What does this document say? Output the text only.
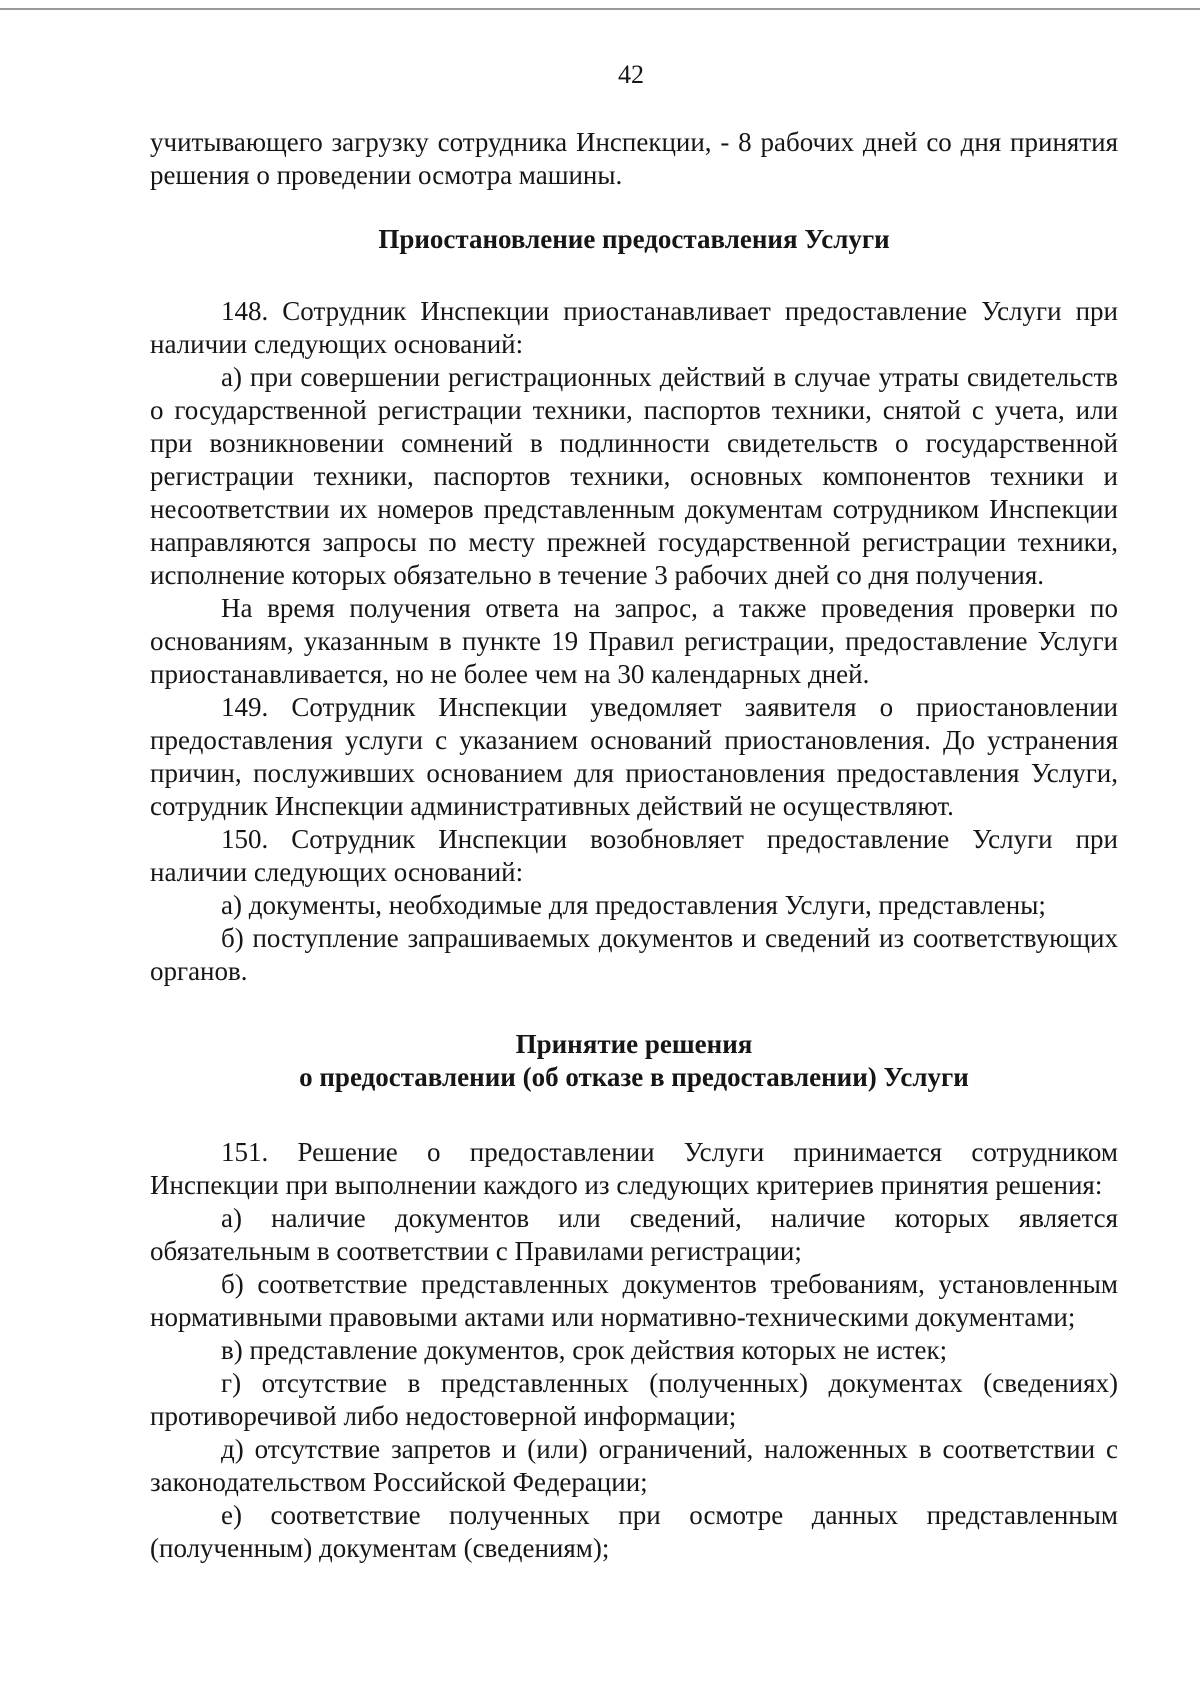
42

учитывающего загрузку сотрудника Инспекции, - 8 рабочих дней со дня принятия решения о проведении осмотра машины.

Приостановление предоставления Услуги

148. Сотрудник Инспекции приостанавливает предоставление Услуги при наличии следующих оснований:

а) при совершении регистрационных действий в случае утраты свидетельств о государственной регистрации техники, паспортов техники, снятой с учета, или при возникновении сомнений в подлинности свидетельств о государственной регистрации техники, паспортов техники, основных компонентов техники и несоответствии их номеров представленным документам сотрудником Инспекции направляются запросы по месту прежней государственной регистрации техники, исполнение которых обязательно в течение 3 рабочих дней со дня получения.

На время получения ответа на запрос, а также проведения проверки по основаниям, указанным в пункте 19 Правил регистрации, предоставление Услуги приостанавливается, но не более чем на 30 календарных дней.

149. Сотрудник Инспекции уведомляет заявителя о приостановлении предоставления услуги с указанием оснований приостановления. До устранения причин, послуживших основанием для приостановления предоставления Услуги, сотрудник Инспекции административных действий не осуществляют.

150. Сотрудник Инспекции возобновляет предоставление Услуги при наличии следующих оснований:

а) документы, необходимые для предоставления Услуги, представлены;

б) поступление запрашиваемых документов и сведений из соответствующих органов.

Принятие решения
о предоставлении (об отказе в предоставлении) Услуги

151. Решение о предоставлении Услуги принимается сотрудником Инспекции при выполнении каждого из следующих критериев принятия решения:

а) наличие документов или сведений, наличие которых является обязательным в соответствии с Правилами регистрации;

б) соответствие представленных документов требованиям, установленным нормативными правовыми актами или нормативно-техническими документами;

в) представление документов, срок действия которых не истек;

г) отсутствие в представленных (полученных) документах (сведениях) противоречивой либо недостоверной информации;

д) отсутствие запретов и (или) ограничений, наложенных в соответствии с законодательством Российской Федерации;

е) соответствие полученных при осмотре данных представленным (полученным) документам (сведениям);
